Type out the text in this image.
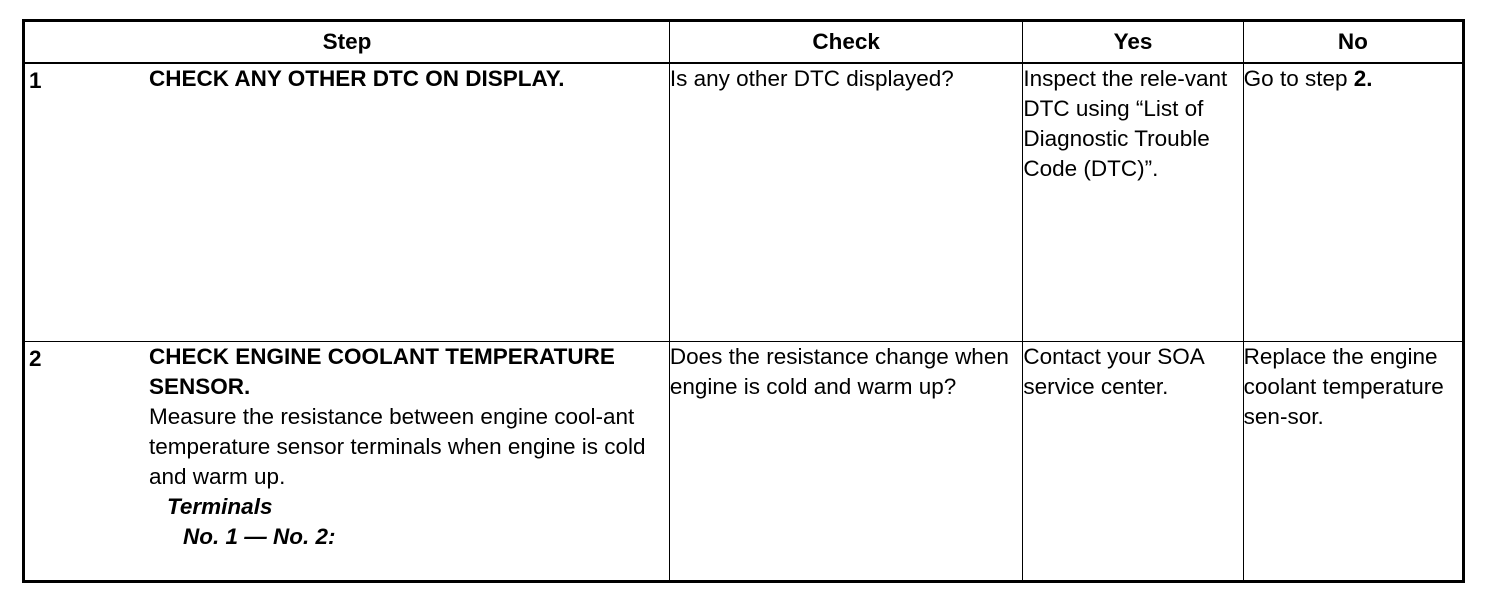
Step	Check	Yes	No

1 CHECK ANY OTHER DTC ON DISPLAY.	Is any other DTC displayed?	Inspect the rele-vant DTC using “List of Diagnostic Trouble Code (DTC)”.	Go to step 2.

2 CHECK ENGINE COOLANT TEMPERATURE SENSOR.
Measure the resistance between engine cool-ant temperature sensor terminals when engine is cold and warm up.
Terminals
No. 1 — No. 2:	Does the resistance change when engine is cold and warm up?	Contact your SOA service center.	Replace the engine coolant temperature sen-sor.
